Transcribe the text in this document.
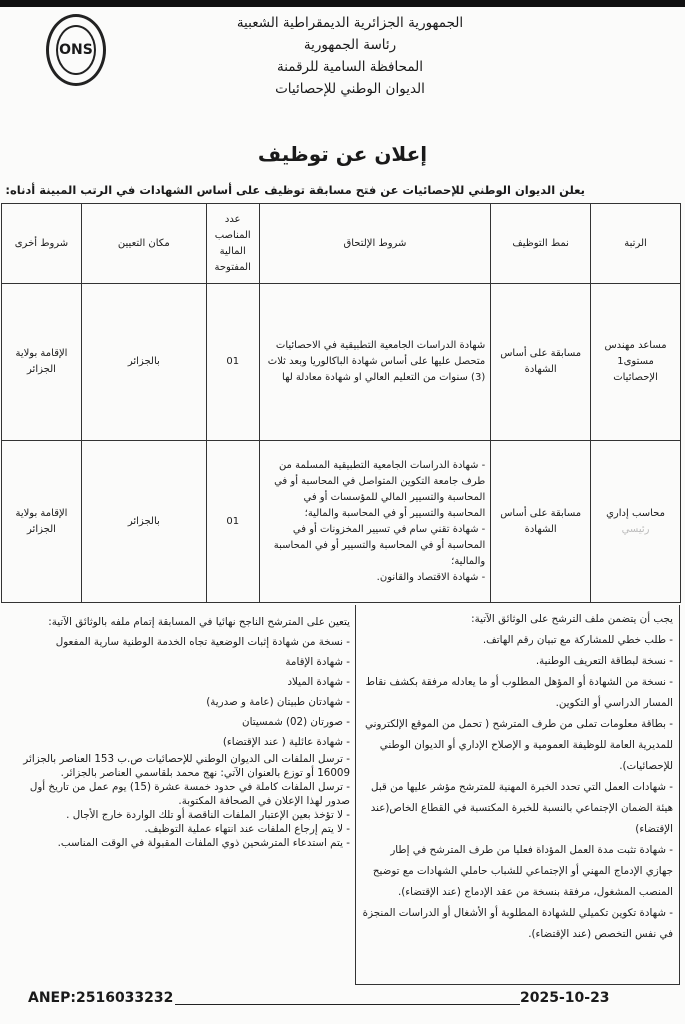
ONS
الجمهورية الجزائرية الديمقراطية الشعبية
رئاسة الجمهورية
المحافظة السامية للرقمنة
الديوان الوطني للإحصائيات
إعلان عن توظيف
يعلن الديوان الوطني للإحصائيات عن فتح مسابقة توظيف على أساس الشهادات في الرتب المبينة أدناه:
الرتبة	نمط التوظيف	شروط الإلتحاق	عدد المناصب المالية المفتوحة	مكان التعيين	شروط أخرى
مساعد مهندس مستوى1 الإحصائيات	مسابقة على أساس الشهادة	شهادة الدراسات الجامعية التطبيقية في الاحصائيات متحصل عليها على أساس شهادة الباكالوريا وبعد ثلاث (3) سنوات من التعليم العالي او شهادة معادلة لها	01	بالجزائر	الإقامة بولاية الجزائر
محاسب إداري
رئيسي	مسابقة على أساس الشهادة	- شهادة الدراسات الجامعية التطبيقية المسلمة من طرف جامعة التكوين المتواصل في المحاسبة أو في المحاسبة والتسيير المالي للمؤسسات أو في المحاسبة والتسيير أو في المحاسبة والمالية؛
- شهادة تقني سام في تسيير المخزونات أو في المحاسبة أو في المحاسبة والتسيير أو في المحاسبة والمالية؛
- شهادة الاقتصاد والقانون.	01	بالجزائر	الإقامة بولاية الجزائر
يتعين على المترشح الناجح نهائيا في المسابقة إتمام ملفه بالوثائق الآتية:
- نسخة من شهادة إثبات الوضعية تجاه الخدمة الوطنية سارية المفعول
- شهادة الإقامة
- شهادة الميلاد
- شهادتان طبيتان (عامة و صدرية)
- صورتان (02) شمسيتان
- شهادة عائلية ( عند الإقتضاء)
- ترسل الملفات الى الديوان الوطني للإحصائيات ص.ب 153 العناصر بالجزائر 16009 أو توزع بالعنوان الآتي: نهج محمد بلقاسمي العناصر بالجزائر.
- ترسل الملفات كاملة في حدود خمسة عشرة (15) يوم عمل من تاريخ أول صدور لهذا الإعلان في الصحافة المكتوبة.
- لا تؤخذ بعين الإعتبار الملفات الناقصة أو تلك الواردة خارج الأجال .
- لا يتم إرجاع الملفات عند انتهاء عملية التوظيف.
- يتم استدعاء المترشحين ذوي الملفات المقبولة في الوقت المناسب.
يجب أن يتضمن ملف الترشح على الوثائق الآتية:
- طلب خطي للمشاركة مع تبيان رقم الهاتف.
- نسخة لبطاقة التعريف الوطنية.
- نسخة من الشهادة أو المؤهل المطلوب أو ما يعادله مرفقة بكشف نقاط المسار الدراسي أو التكوين.
- بطاقة معلومات تملى من طرف المترشح ( تحمل من الموقع الإلكتروني للمديرية العامة للوظيفة العمومية و الإصلاح الإداري أو الديوان الوطني للإحصائيات).
- شهادات العمل التي تحدد الخبرة المهنية للمترشح مؤشر عليها من قبل هيئة الضمان الإجتماعي بالنسبة للخبرة المكتسبة في القطاع الخاص(عند الإقتضاء)
- شهادة تثبت مدة العمل المؤداة فعليا من طرف المترشح في إطار جهازي الإدماج المهني أو الإجتماعي للشباب حاملي الشهادات مع توضيح المنصب المشغول، مرفقة بنسخة من عقد الإدماج (عند الإقتضاء).
- شهادة تكوين تكميلي للشهادة المطلوبة أو الأشغال أو الدراسات المنجزة في نفس التخصص (عند الإقتضاء).
ANEP:2516033232	2025-10-23
